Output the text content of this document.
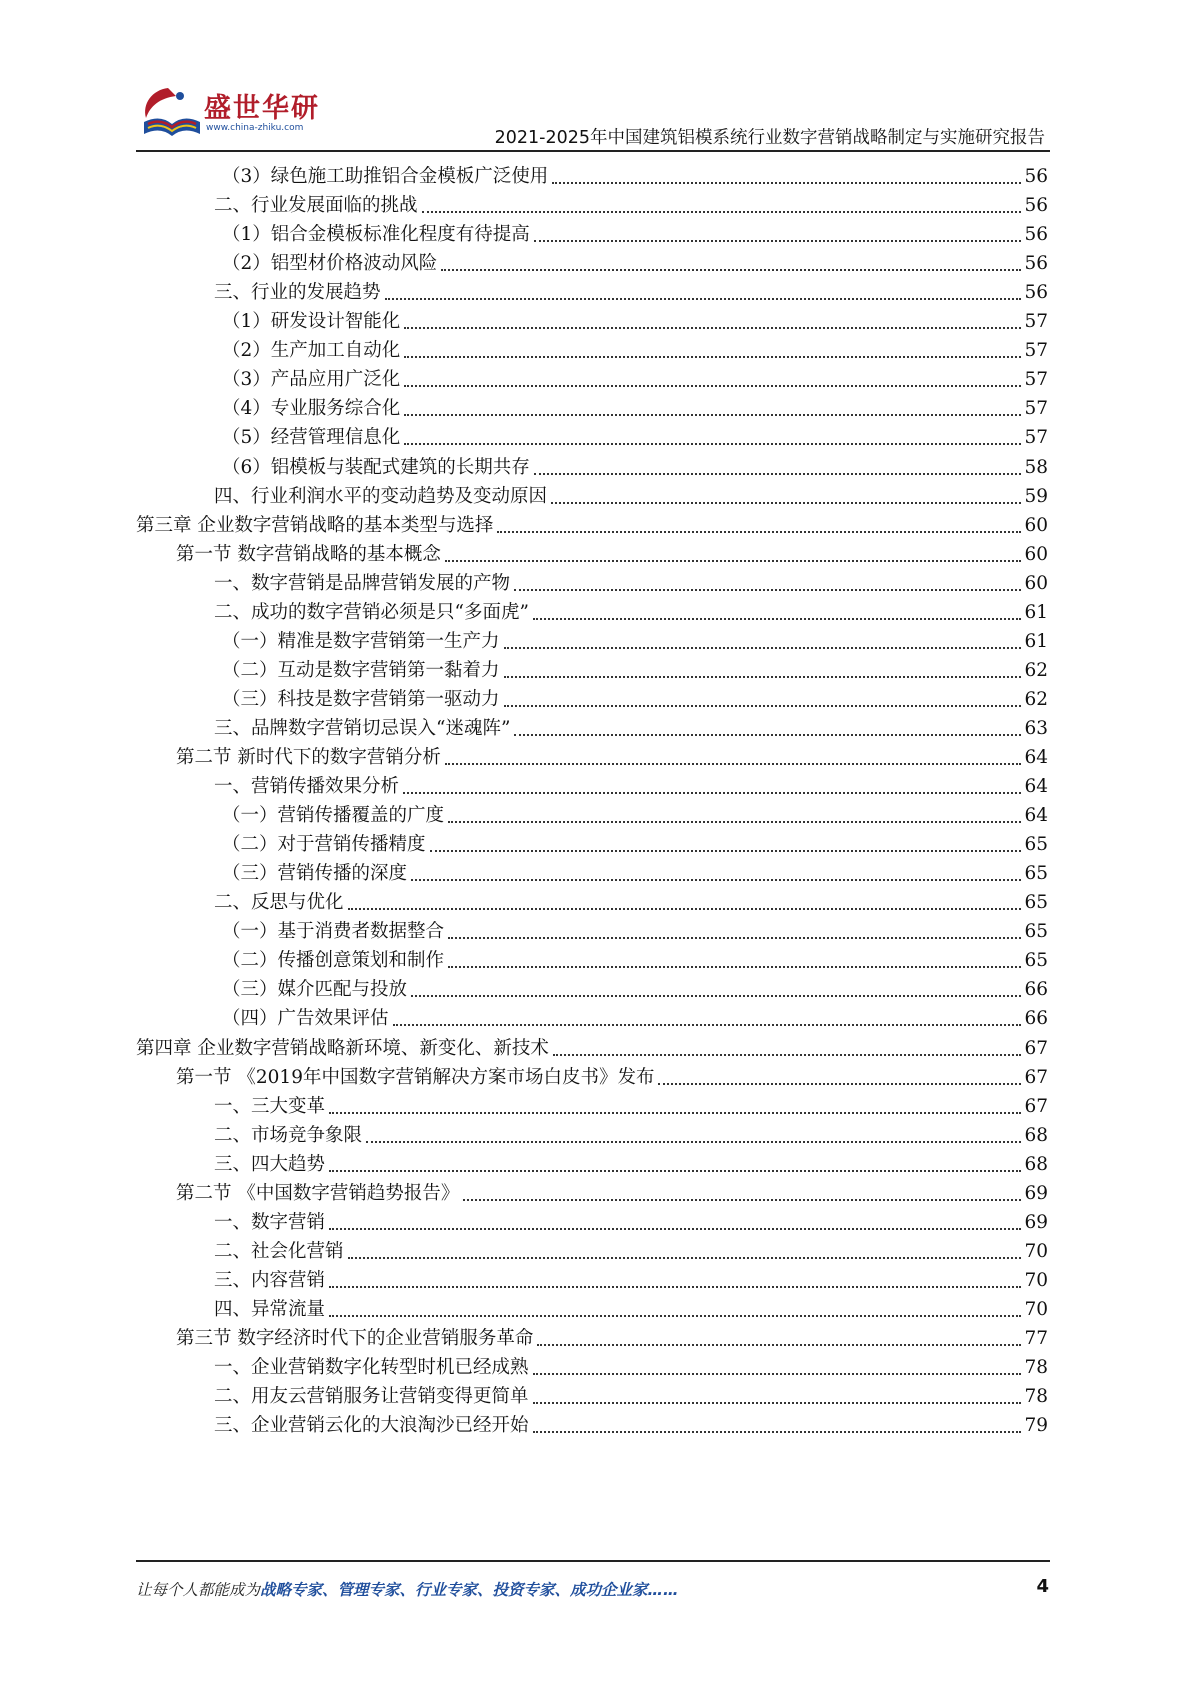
盛世华研
www.china-zhiku.com	2021-2025年中国建筑铝模系统行业数字营销战略制定与实施研究报告
（3）绿色施工助推铝合金模板广泛使用	56
二、行业发展面临的挑战	56
（1）铝合金模板标准化程度有待提高	56
（2）铝型材价格波动风险	56
三、行业的发展趋势	56
（1）研发设计智能化	57
（2）生产加工自动化	57
（3）产品应用广泛化	57
（4）专业服务综合化	57
（5）经营管理信息化	57
（6）铝模板与装配式建筑的长期共存	58
四、行业利润水平的变动趋势及变动原因	59
第三章 企业数字营销战略的基本类型与选择	60
第一节 数字营销战略的基本概念	60
一、数字营销是品牌营销发展的产物	60
二、成功的数字营销必须是只“多面虎”	61
（一）精准是数字营销第一生产力	61
（二）互动是数字营销第一黏着力	62
（三）科技是数字营销第一驱动力	62
三、品牌数字营销切忌误入“迷魂阵”	63
第二节 新时代下的数字营销分析	64
一、营销传播效果分析	64
（一）营销传播覆盖的广度	64
（二）对于营销传播精度	65
（三）营销传播的深度	65
二、反思与优化	65
（一）基于消费者数据整合	65
（二）传播创意策划和制作	65
（三）媒介匹配与投放	66
（四）广告效果评估	66
第四章 企业数字营销战略新环境、新变化、新技术	67
第一节 《2019年中国数字营销解决方案市场白皮书》发布	67
一、三大变革	67
二、市场竞争象限	68
三、四大趋势	68
第二节 《中国数字营销趋势报告》	69
一、数字营销	69
二、社会化营销	70
三、内容营销	70
四、异常流量	70
第三节 数字经济时代下的企业营销服务革命	77
一、企业营销数字化转型时机已经成熟	78
二、用友云营销服务让营销变得更简单	78
三、企业营销云化的大浪淘沙已经开始	79
让每个人都能成为战略专家、管理专家、行业专家、投资专家、成功企业家……	4
